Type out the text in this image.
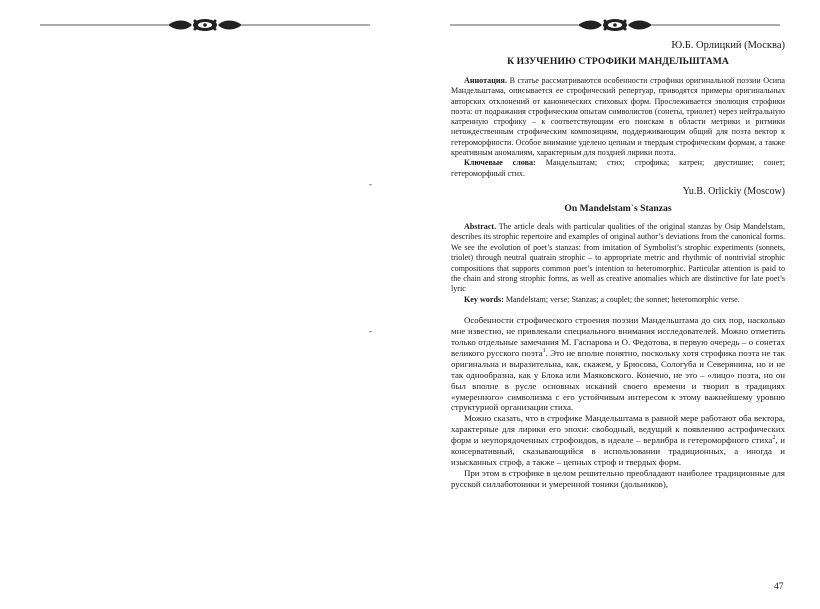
-
-

Ю.Б. Орлицкий (Москва)

К ИЗУЧЕНИЮ СТРОФИКИ МАНДЕЛЬШТАМА

Аннотация. В статье рассматриваются особенности строфики оригинальной поэзии Осипа Мандельштама, описывается ее строфический репертуар, приводятся примеры оригинальных авторских отклонений от канонических стиховых форм. Прослеживается эволюция строфики поэта: от подражания строфическим опытам символистов (сонеты, триолет) через нейтральную катренную строфику – к соответствующим его поискам в области метрики и ритмики нетождественным строфическим композициям, поддерживающим общий для поэта вектор к гетероморфности. Особое внимание уделено цепным и твердым строфическим формам, а также креативным аномалиям, характерным для поздней лирики поэта.

Ключевые слова: Мандельштам; стих; строфика; катрен; двустишие; сонет; гетероморфный стих.

Yu.B. Orlickiy (Moscow)

On Mandelstam`s Stanzas

Abstract. The article deals with particular qualities of the original stanzas by Osip Mandelstam, describes its strophic repertoire and examples of original author’s deviations from the canonical forms. We see the evolution of poet’s stanzas: from imitation of Symbolist’s strophic experiments (sonnets, triolet) through neutral quatrain strophic – to appropriate metric and rhythmic of nontrivial strophic compositions that supports common poet’s intention to heteromorphic. Particular attention is paid to the chain and strong strophic forms, as well as creative anomalies which are distinctive for late poet’s lyric

Key words: Mandelstam; verse; Stanzas; a couplet; the sonnet; heteromorphic verse.

Особенности строфического строения поэзии Мандельштама до сих пор, насколько мне известно, не привлекали специального внимания исследователей. Можно отметить только отдельные замечания М. Гаспарова и О. Федотова, в первую очередь – о сонетах великого русского поэта$^1$. Это не вполне понятно, поскольку хотя строфика поэта не так оригинальна и выразительна, как, скажем, у Брюсова, Сологуба и Северянина, но и не так однообразна, как у Блока или Маяковского. Конечно, не это – «лицо» поэта, но он был вполне в русле основных исканий своего времени и творил в традициях «умеренного» символизма с его устойчивым интересом к этому важнейшему уровню структурной организации стиха.

Можно сказать, что в строфике Мандельштама в равной мере работают оба вектора, характерные для лирики его эпохи: свободный, ведущий к появлению астрофических форм и неупорядоченных строфоидов, в идеале – верлибра и гетероморфного стиха$^2$, и консервативный, сказывающийся в использовании традиционных, а иногда и изысканных строф, а также – цепных строф и твердых форм.

При этом в строфике в целом решительно преобладают наиболее традиционные для русской силлаботоники и умеренной тоники (дольников),

47
